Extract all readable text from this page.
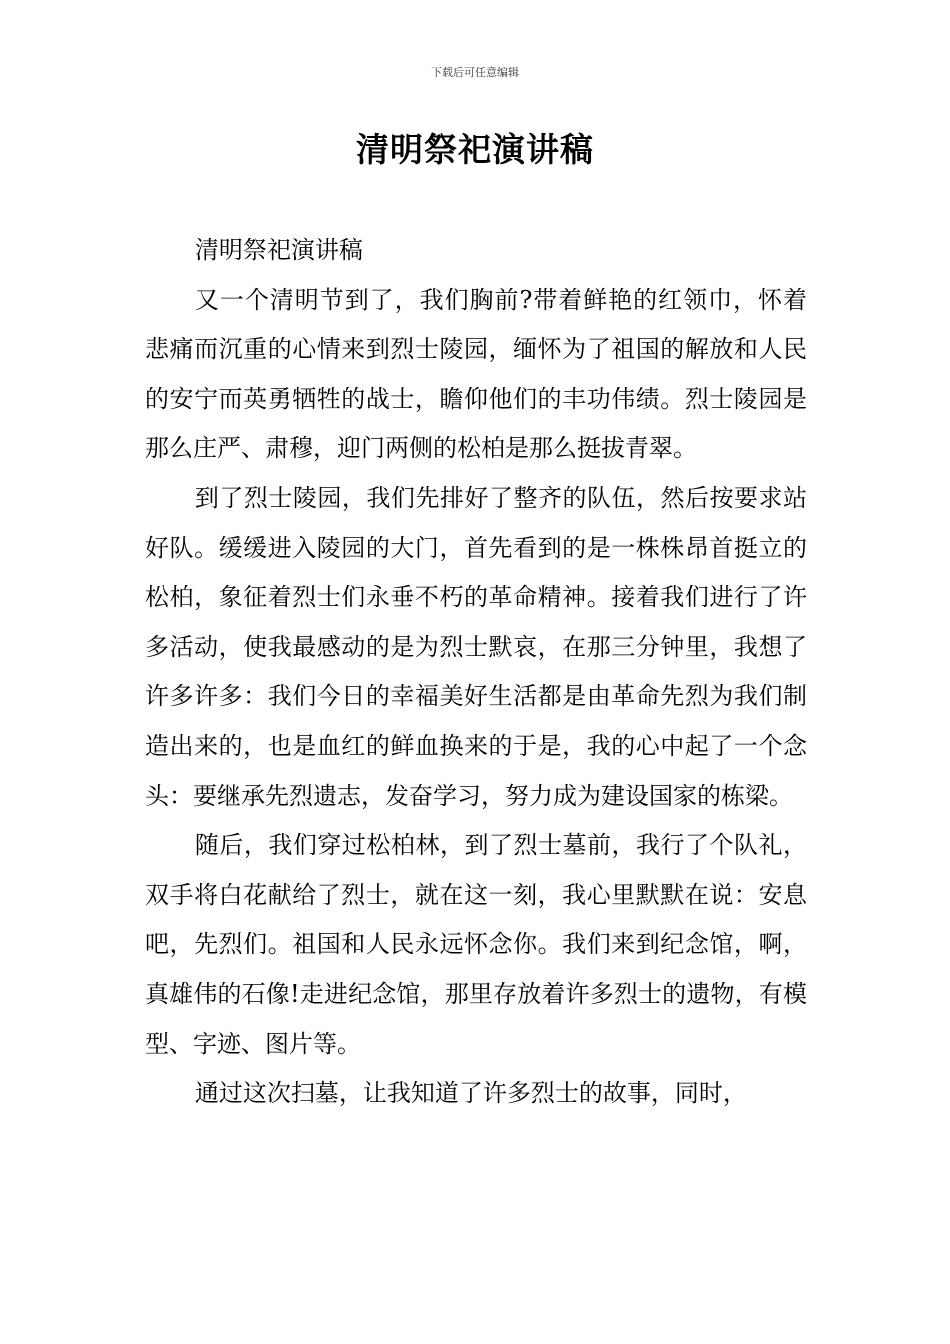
下载后可任意编辑
清明祭祀演讲稿

清明祭祀演讲稿

又一个清明节到了，我们胸前?带着鲜艳的红领巾，怀着悲痛而沉重的心情来到烈士陵园，缅怀为了祖国的解放和人民的安宁而英勇牺牲的战士，瞻仰他们的丰功伟绩。烈士陵园是那么庄严、肃穆，迎门两侧的松柏是那么挺拔青翠。

到了烈士陵园，我们先排好了整齐的队伍，然后按要求站好队。缓缓进入陵园的大门，首先看到的是一株株昂首挺立的松柏，象征着烈士们永垂不朽的革命精神。接着我们进行了许多活动，使我最感动的是为烈士默哀，在那三分钟里，我想了许多许多：我们今日的幸福美好生活都是由革命先烈为我们制造出来的，也是血红的鲜血换来的于是，我的心中起了一个念头：要继承先烈遗志，发奋学习，努力成为建设国家的栋梁。

随后，我们穿过松柏林，到了烈士墓前，我行了个队礼，双手将白花献给了烈士，就在这一刻，我心里默默在说：安息吧，先烈们。祖国和人民永远怀念你。我们来到纪念馆，啊，真雄伟的石像!走进纪念馆，那里存放着许多烈士的遗物，有模型、字迹、图片等。

通过这次扫墓，让我知道了许多烈士的故事，同时，
